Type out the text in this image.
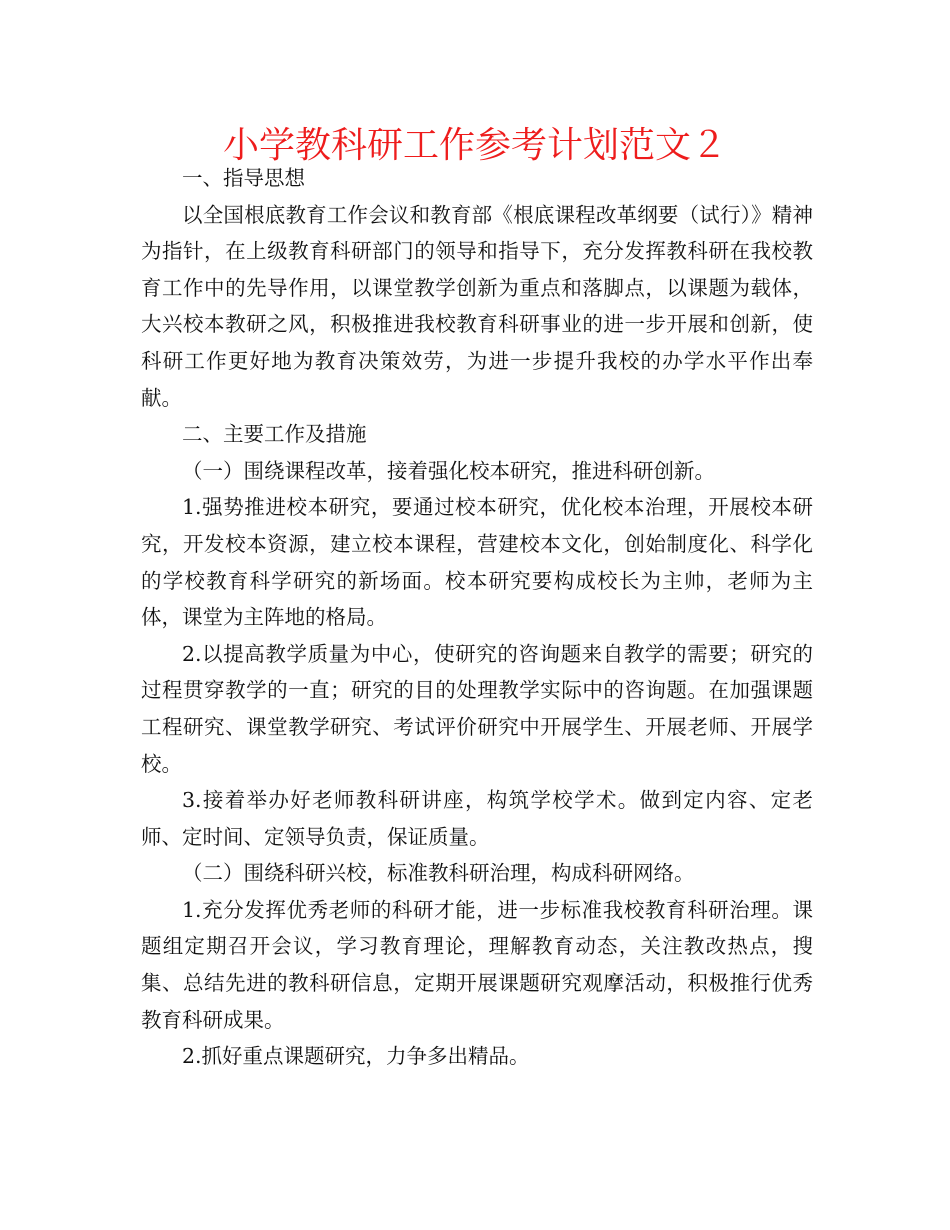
小学教科研工作参考计划范文２

一、指导思想

以全国根底教育工作会议和教育部《根底课程改革纲要（试行）》精神为指针，在上级教育科研部门的领导和指导下，充分发挥教科研在我校教育工作中的先导作用，以课堂教学创新为重点和落脚点，以课题为载体，大兴校本教研之风，积极推进我校教育科研事业的进一步开展和创新，使科研工作更好地为教育决策效劳，为进一步提升我校的办学水平作出奉献。

二、主要工作及措施

（一）围绕课程改革，接着强化校本研究，推进科研创新。

1.强势推进校本研究，要通过校本研究，优化校本治理，开展校本研究，开发校本资源，建立校本课程，营建校本文化，创始制度化、科学化的学校教育科学研究的新场面。校本研究要构成校长为主帅，老师为主体，课堂为主阵地的格局。

2.以提高教学质量为中心，使研究的咨询题来自教学的需要；研究的过程贯穿教学的一直；研究的目的处理教学实际中的咨询题。在加强课题工程研究、课堂教学研究、考试评价研究中开展学生、开展老师、开展学校。

3.接着举办好老师教科研讲座，构筑学校学术。做到定内容、定老师、定时间、定领导负责，保证质量。

（二）围绕科研兴校，标准教科研治理，构成科研网络。

1.充分发挥优秀老师的科研才能，进一步标准我校教育科研治理。课题组定期召开会议，学习教育理论，理解教育动态，关注教改热点，搜集、总结先进的教科研信息，定期开展课题研究观摩活动，积极推行优秀教育科研成果。

2.抓好重点课题研究，力争多出精品。
